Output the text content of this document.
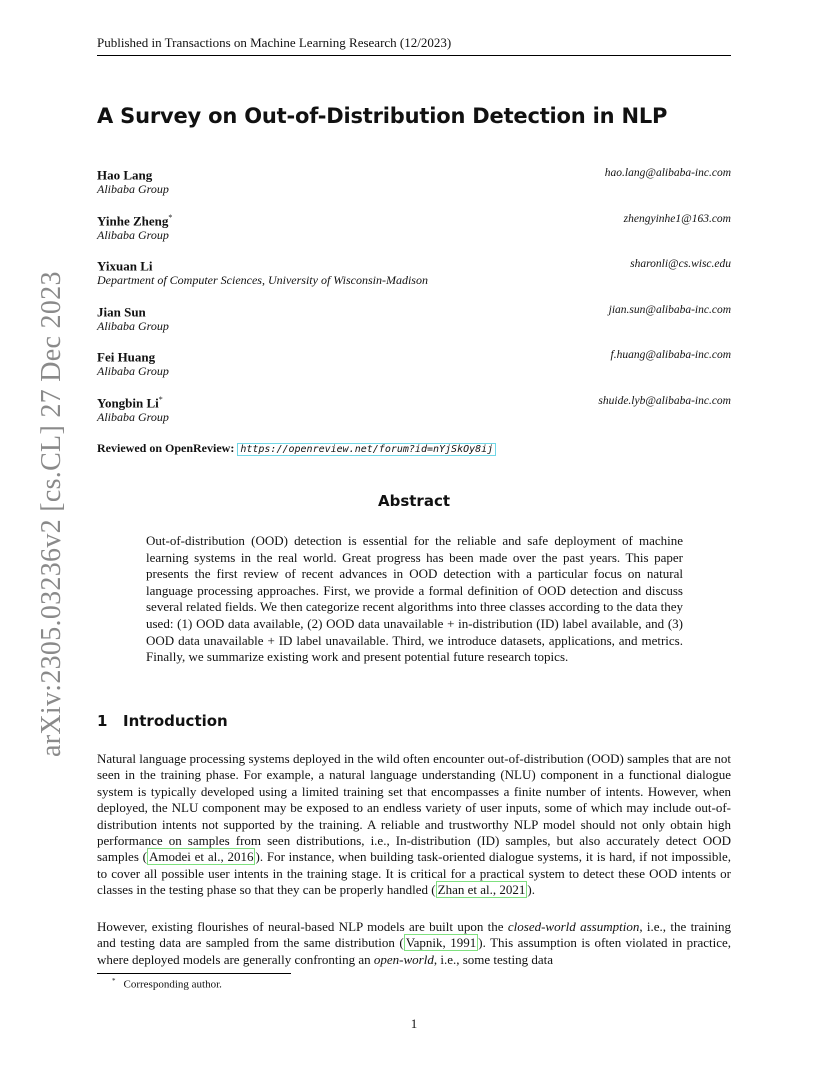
arXiv:2305.03236v2 [cs.CL] 27 Dec 2023
Published in Transactions on Machine Learning Research (12/2023)
A Survey on Out-of-Distribution Detection in NLP
Hao Lang	hao.lang@alibaba-inc.com
Alibaba Group
Yinhe Zheng*	zhengyinhe1@163.com
Alibaba Group
Yixuan Li	sharonli@cs.wisc.edu
Department of Computer Sciences, University of Wisconsin-Madison
Jian Sun	jian.sun@alibaba-inc.com
Alibaba Group
Fei Huang	f.huang@alibaba-inc.com
Alibaba Group
Yongbin Li*	shuide.lyb@alibaba-inc.com
Alibaba Group
Reviewed on OpenReview: https://openreview.net/forum?id=nYjSkOy8ij
Abstract

Out-of-distribution (OOD) detection is essential for the reliable and safe deployment of machine learning systems in the real world. Great progress has been made over the past years. This paper presents the first review of recent advances in OOD detection with a particular focus on natural language processing approaches. First, we provide a formal definition of OOD detection and discuss several related fields. We then categorize recent algorithms into three classes according to the data they used: (1) OOD data available, (2) OOD data unavailable + in-distribution (ID) label available, and (3) OOD data unavailable + ID label unavailable. Third, we introduce datasets, applications, and metrics. Finally, we summarize existing work and present potential future research topics.

1 Introduction

Natural language processing systems deployed in the wild often encounter out-of-distribution (OOD) samples that are not seen in the training phase. For example, a natural language understanding (NLU) component in a functional dialogue system is typically developed using a limited training set that encompasses a finite number of intents. However, when deployed, the NLU component may be exposed to an endless variety of user inputs, some of which may include out-of-distribution intents not supported by the training. A reliable and trustworthy NLP model should not only obtain high performance on samples from seen distributions, i.e., In-distribution (ID) samples, but also accurately detect OOD samples ( Amodei et al., 2016 ). For instance, when building task-oriented dialogue systems, it is hard, if not impossible, to cover all possible user intents in the training stage. It is critical for a practical system to detect these OOD intents or classes in the testing phase so that they can be properly handled ( Zhan et al., 2021 ).

However, existing flourishes of neural-based NLP models are built upon the closed-world assumption, i.e., the training and testing data are sampled from the same distribution ( Vapnik, 1991 ). This assumption is often violated in practice, where deployed models are generally confronting an open-world, i.e., some testing data

* Corresponding author.
1
